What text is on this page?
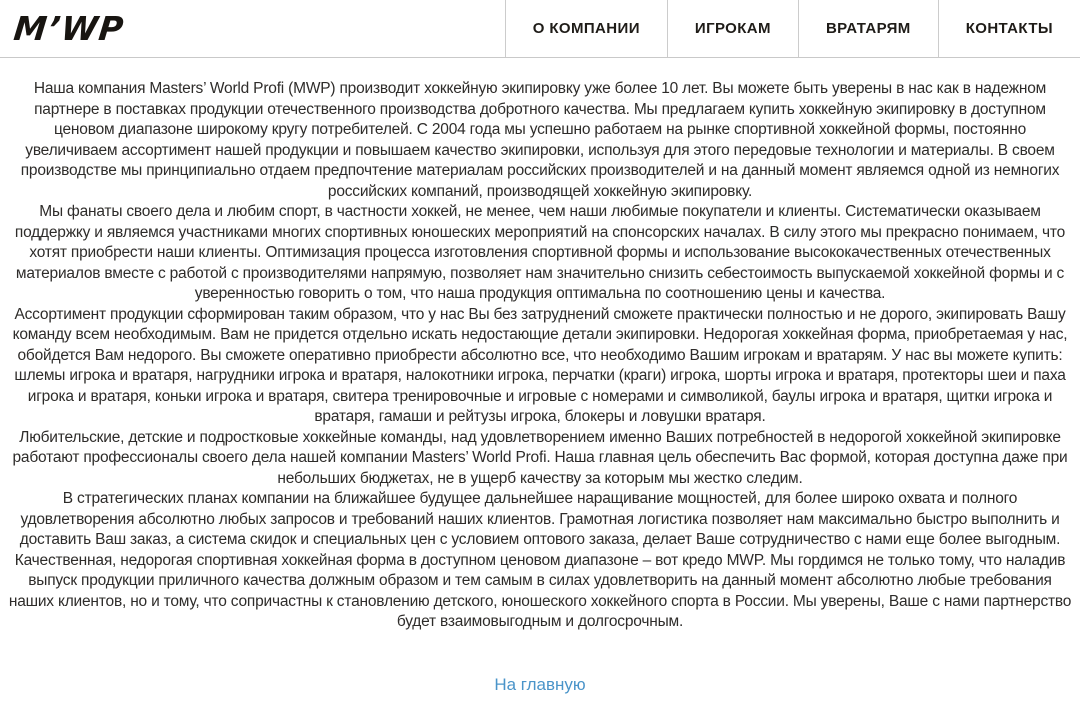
M’WP	О КОМПАНИИ	ИГРОКАМ	ВРАТАРЯМ	КОНТАКТЫ

Наша компания Masters’ World Profi (MWP) производит хоккейную экипировку уже более 10 лет. Вы можете быть уверены в нас как в надежном партнере в поставках продукции отечественного производства добротного качества. Мы предлагаем купить хоккейную экипировку в доступном ценовом диапазоне широкому кругу потребителей. С 2004 года мы успешно работаем на рынке спортивной хоккейной формы, постоянно увеличиваем ассортимент нашей продукции и повышаем качество экипировки, используя для этого передовые технологии и материалы. В своем производстве мы принципиально отдаем предпочтение материалам российских производителей и на данный момент являемся одной из немногих российских компаний, производящей хоккейную экипировку.

Мы фанаты своего дела и любим спорт, в частности хоккей, не менее, чем наши любимые покупатели и клиенты. Систематически оказываем поддержку и являемся участниками многих спортивных юношеских мероприятий на спонсорских началах. В силу этого мы прекрасно понимаем, что хотят приобрести наши клиенты. Оптимизация процесса изготовления спортивной формы и использование высококачественных отечественных материалов вместе с работой с производителями напрямую, позволяет нам значительно снизить себестоимость выпускаемой хоккейной формы и с уверенностью говорить о том, что наша продукция оптимальна по соотношению цены и качества.

Ассортимент продукции сформирован таким образом, что у нас Вы без затруднений сможете практически полностью и не дорого, экипировать Вашу команду всем необходимым. Вам не придется отдельно искать недостающие детали экипировки. Недорогая хоккейная форма, приобретаемая у нас, обойдется Вам недорого. Вы сможете оперативно приобрести абсолютно все, что необходимо Вашим игрокам и вратарям. У нас вы можете купить: шлемы игрока и вратаря, нагрудники игрока и вратаря, налокотники игрока, перчатки (краги) игрока, шорты игрока и вратаря, протекторы шеи и паха игрока и вратаря, коньки игрока и вратаря, свитера тренировочные и игровые с номерами и символикой, баулы игрока и вратаря, щитки игрока и вратаря, гамаши и рейтузы игрока, блокеры и ловушки вратаря.

Любительские, детские и подростковые хоккейные команды, над удовлетворением именно Ваших потребностей в недорогой хоккейной экипировке работают профессионалы своего дела нашей компании Masters’ World Profi. Наша главная цель обеспечить Вас формой, которая доступна даже при небольших бюджетах, не в ущерб качеству за которым мы жестко следим.

В стратегических планах компании на ближайшее будущее дальнейшее наращивание мощностей, для более широко охвата и полного удовлетворения абсолютно любых запросов и требований наших клиентов. Грамотная логистика позволяет нам максимально быстро выполнить и доставить Ваш заказ, а система скидок и специальных цен с условием оптового заказа, делает Ваше сотрудничество с нами еще более выгодным.

Качественная, недорогая спортивная хоккейная форма в доступном ценовом диапазоне – вот кредо MWP. Мы гордимся не только тому, что наладив выпуск продукции приличного качества должным образом и тем самым в силах удовлетворить на данный момент абсолютно любые требования наших клиентов, но и тому, что сопричастны к становлению детского, юношеского хоккейного спорта в России. Мы уверены, Ваше с нами партнерство будет взаимовыгодным и долгосрочным.

На главную
